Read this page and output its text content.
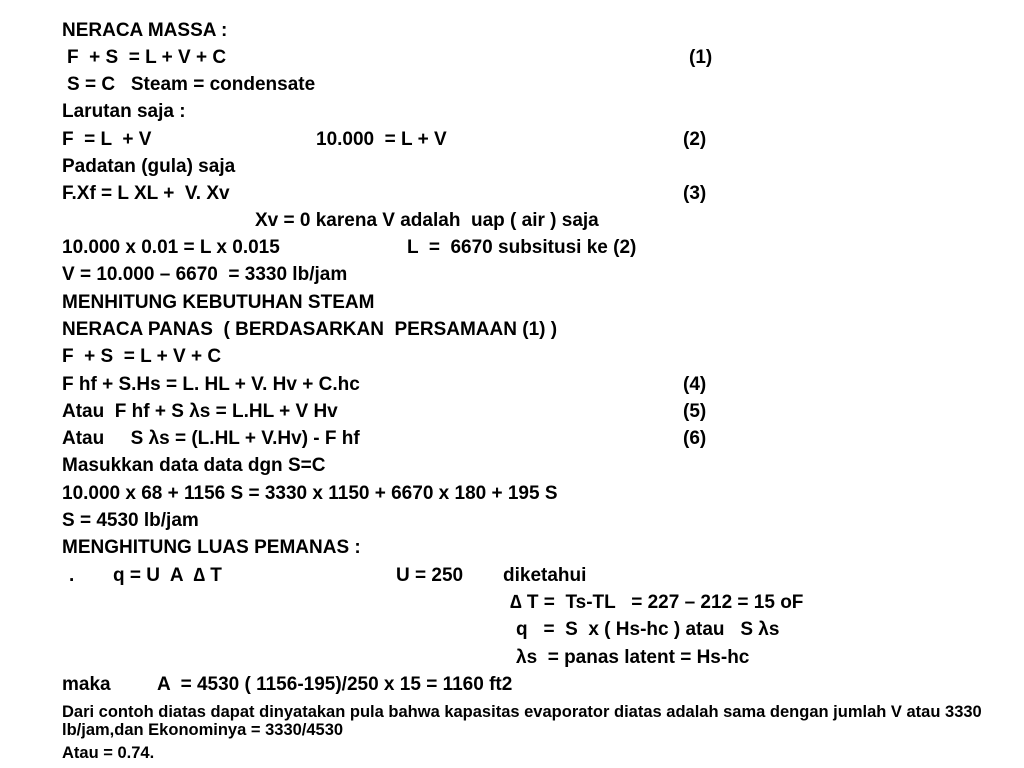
NERACA MASSA :
F  + S  = L + V + C	(1)
S = C   Steam = condensate
Larutan saja :
F  = L  + V	10.000  = L + V	(2)
Padatan (gula) saja
F.Xf = L XL +  V. Xv	(3)
Xv = 0 karena V adalah  uap ( air ) saja
10.000 x 0.01 = L x 0.015	L  =  6670 subsitusi ke (2)
V = 10.000 – 6670  = 3330 lb/jam
MENHITUNG KEBUTUHAN STEAM
NERACA PANAS  ( BERDASARKAN  PERSAMAAN (1) )
F  + S  = L + V + C
F hf + S.Hs = L. HL + V. Hv + C.hc	(4)
Atau  F hf + S λs = L.HL + V Hv	(5)
Atau     S λs = (L.HL + V.Hv) - F hf	(6)
Masukkan data data dgn S=C
10.000 x 68 + 1156 S = 3330 x 1150 + 6670 x 180 + 195 S
S = 4530 lb/jam
MENGHITUNG LUAS PEMANAS :
. q = U  A  ∆ T	U = 250 diketahui
∆ T =  Ts-TL   = 227 – 212 = 15 oF
q   =  S  x ( Hs-hc ) atau   S λs
λs  = panas latent = Hs-hc
maka A  = 4530 ( 1156-195)/250 x 15 = 1160 ft2
Dari contoh diatas dapat dinyatakan pula bahwa kapasitas evaporator diatas adalah sama dengan jumlah V atau 3330 lb/jam,dan Ekonominya = 3330/4530
Atau = 0.74.
